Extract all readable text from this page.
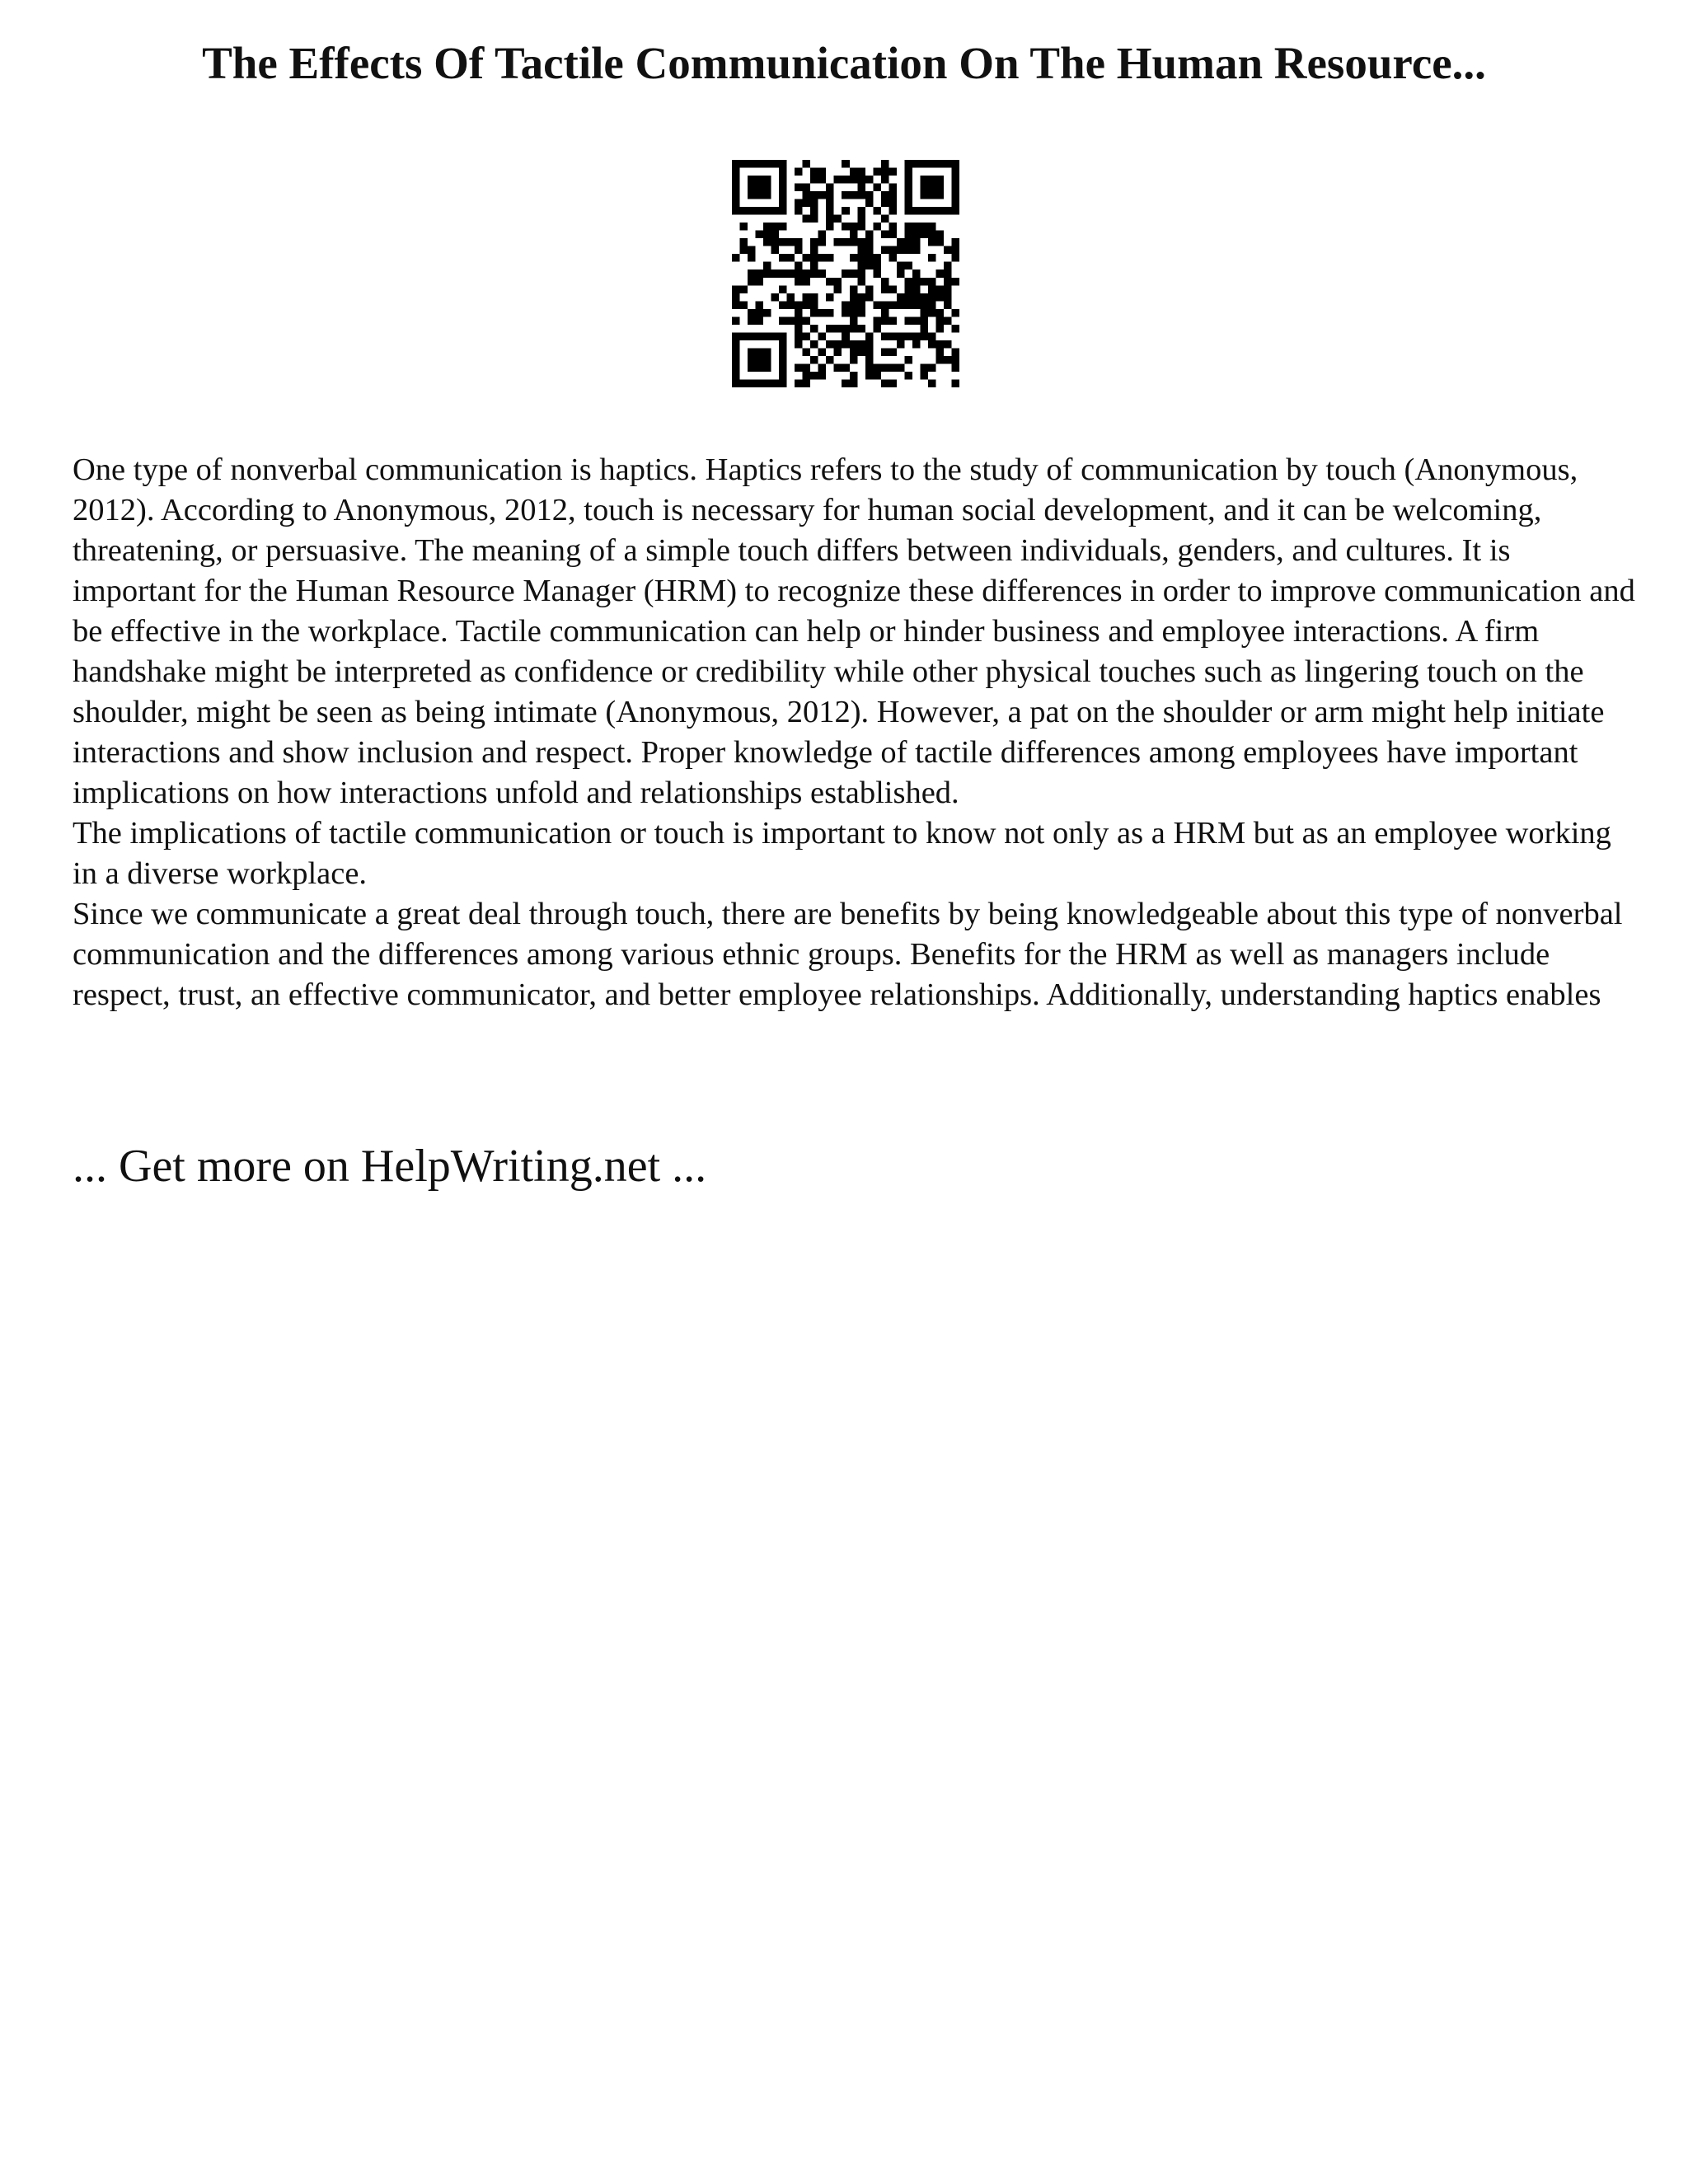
The Effects Of Tactile Communication On The Human Resource...

One type of nonverbal communication is haptics. Haptics refers to the study of communication by touch (Anonymous, 2012). According to Anonymous, 2012, touch is necessary for human social development, and it can be welcoming, threatening, or persuasive. The meaning of a simple touch differs between individuals, genders, and cultures. It is important for the Human Resource Manager (HRM) to recognize these differences in order to improve communication and be effective in the workplace. Tactile communication can help or hinder business and employee interactions. A firm handshake might be interpreted as confidence or credibility while other physical touches such as lingering touch on the shoulder, might be seen as being intimate (Anonymous, 2012). However, a pat on the shoulder or arm might help initiate interactions and show inclusion and respect. Proper knowledge of tactile differences among employees have important implications on how interactions unfold and relationships established.

The implications of tactile communication or touch is important to know not only as a HRM but as an employee working in a diverse workplace.

Since we communicate a great deal through touch, there are benefits by being knowledgeable about this type of nonverbal communication and the differences among various ethnic groups. Benefits for the HRM as well as managers include respect, trust, an effective communicator, and better employee relationships. Additionally, understanding haptics enables

... Get more on HelpWriting.net ...
